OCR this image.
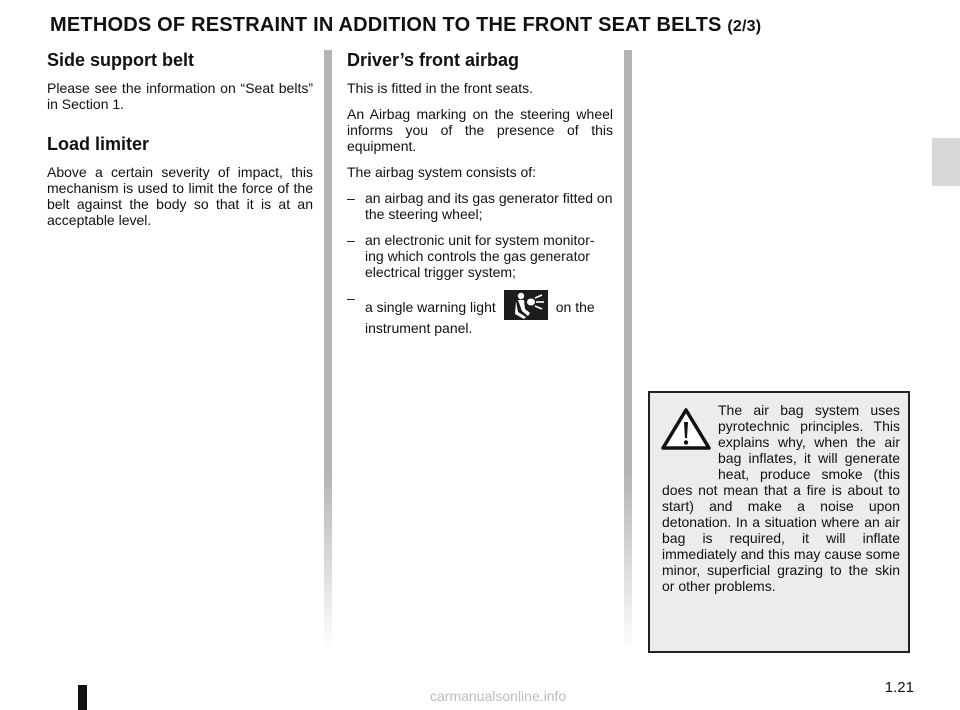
METHODS OF RESTRAINT IN ADDITION TO THE FRONT SEAT BELTS (2/3)
Side support belt

Please see the information on “Seat belts” in Section 1.

Load limiter

Above a certain severity of impact, this mechanism is used to limit the force of the belt against the body so that it is at an acceptable level.

Driver’s front airbag

This is fitted in the front seats.

An Airbag marking on the steering wheel informs you of the presence of this equipment.

The airbag system consists of:

– an airbag and its gas generator fitted on the steering wheel;
– an electronic unit for system monitor-ing which controls the gas generator electrical trigger system;
–
a single warning light	on the instrument panel.
The air bag system uses pyrotechnic principles. This explains why, when the air bag inflates, it will generate heat, produce smoke (this does not mean that a fire is about to start) and make a noise upon detonation. In a situation where an air bag is required, it will inflate immediately and this may cause some minor, superficial grazing to the skin or other problems.
1.21
carmanualsonline.info
